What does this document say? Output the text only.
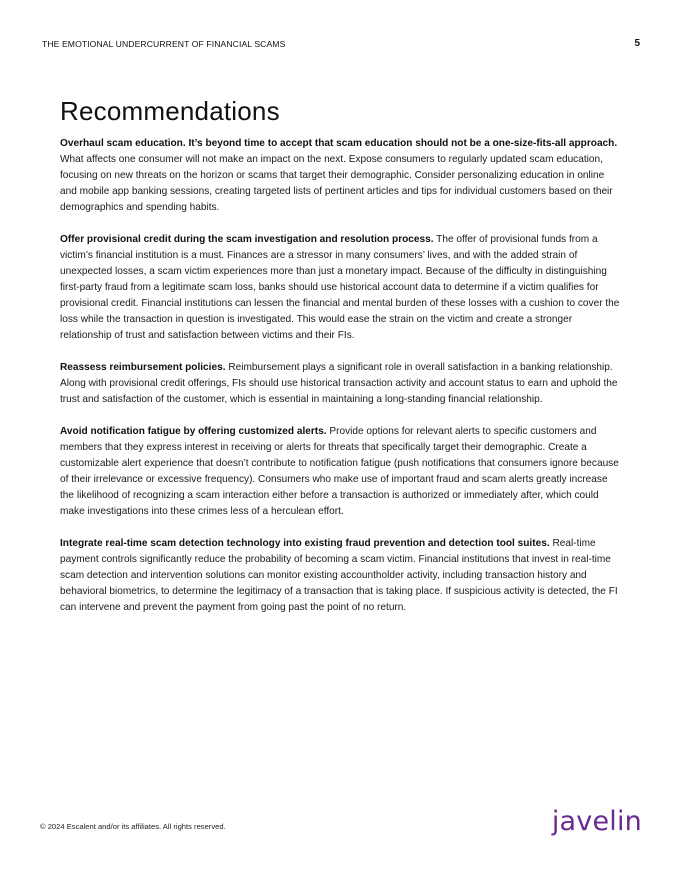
THE EMOTIONAL UNDERCURRENT OF FINANCIAL SCAMS	5
Recommendations

Overhaul scam education. It’s beyond time to accept that scam education should not be a one-size-fits-all approach. What affects one consumer will not make an impact on the next. Expose consumers to regularly updated scam education, focusing on new threats on the horizon or scams that target their demographic. Consider personalizing education in online and mobile app banking sessions, creating targeted lists of pertinent articles and tips for individual customers based on their demographics and spending habits.

Offer provisional credit during the scam investigation and resolution process. The offer of provisional funds from a victim’s financial institution is a must. Finances are a stressor in many consumers’ lives, and with the added strain of unexpected losses, a scam victim experiences more than just a monetary impact. Because of the difficulty in distinguishing first-party fraud from a legitimate scam loss, banks should use historical account data to determine if a victim qualifies for provisional credit. Financial institutions can lessen the financial and mental burden of these losses with a cushion to cover the loss while the transaction in question is investigated. This would ease the strain on the victim and create a stronger relationship of trust and satisfaction between victims and their FIs.

Reassess reimbursement policies. Reimbursement plays a significant role in overall satisfaction in a banking relationship. Along with provisional credit offerings, FIs should use historical transaction activity and account status to earn and uphold the trust and satisfaction of the customer, which is essential in maintaining a long-standing financial relationship.

Avoid notification fatigue by offering customized alerts. Provide options for relevant alerts to specific customers and members that they express interest in receiving or alerts for threats that specifically target their demographic. Create a customizable alert experience that doesn’t contribute to notification fatigue (push notifications that consumers ignore because of their irrelevance or excessive frequency). Consumers who make use of important fraud and scam alerts greatly increase the likelihood of recognizing a scam interaction either before a transaction is authorized or immediately after, which could make investigations into these crimes less of a herculean effort.

Integrate real-time scam detection technology into existing fraud prevention and detection tool suites. Real-time payment controls significantly reduce the probability of becoming a scam victim. Financial institutions that invest in real-time scam detection and intervention solutions can monitor existing accountholder activity, including transaction history and behavioral biometrics, to determine the legitimacy of a transaction that is taking place. If suspicious activity is detected, the FI can intervene and prevent the payment from going past the point of no return.

© 2024 Escalent and/or its affiliates. All rights reserved.	javelin
